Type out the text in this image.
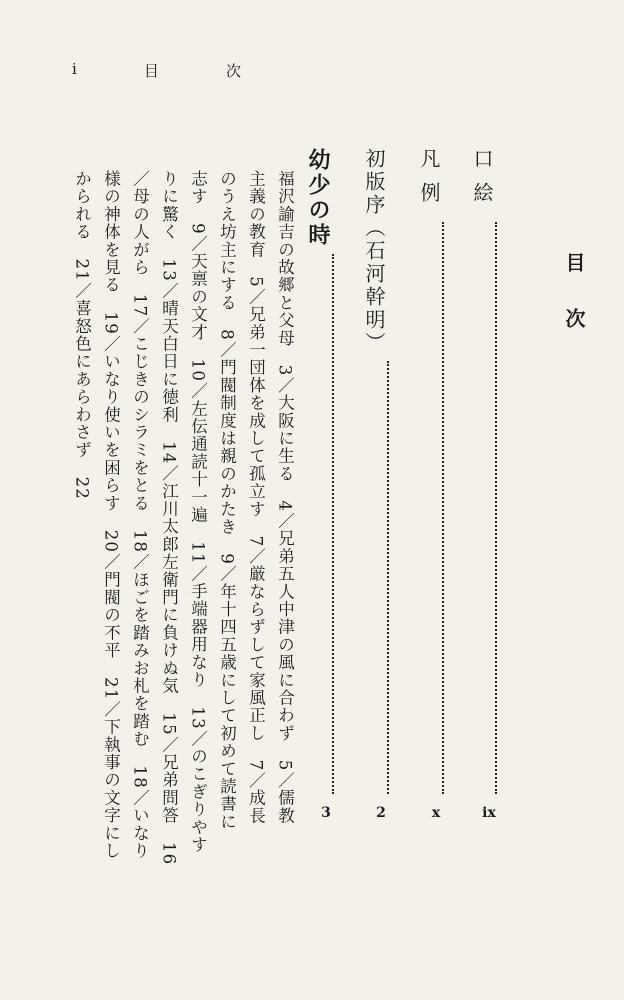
i	目	次
目次
口絵
ix
凡例
x
初版序（石河幹明）
2
幼少の時
3
福沢諭吉の故郷と父母　3／大阪に生る　4／兄弟五人中津の風に合わず　5／儒教
主義の教育　5／兄弟一団体を成して孤立す　7／厳ならずして家風正し　7／成長
のうえ坊主にする　8／門閥制度は親のかたき　9／年十四五歳にして初めて読書に
志す　9／天禀の文才　10／左伝通読十一遍　11／手端器用なり　13／のこぎりやす
りに驚く　13／晴天白日に徳利　14／江川太郎左衛門に負けぬ気　15／兄弟問答　16
／母の人がら　17／こじきのシラミをとる　18／ほごを踏みお札を踏む　18／いなり
様の神体を見る　19／いなり使いを困らす　20／門閥の不平　21／下執事の文字にし
かられる　21／喜怒色にあらわさず　22
